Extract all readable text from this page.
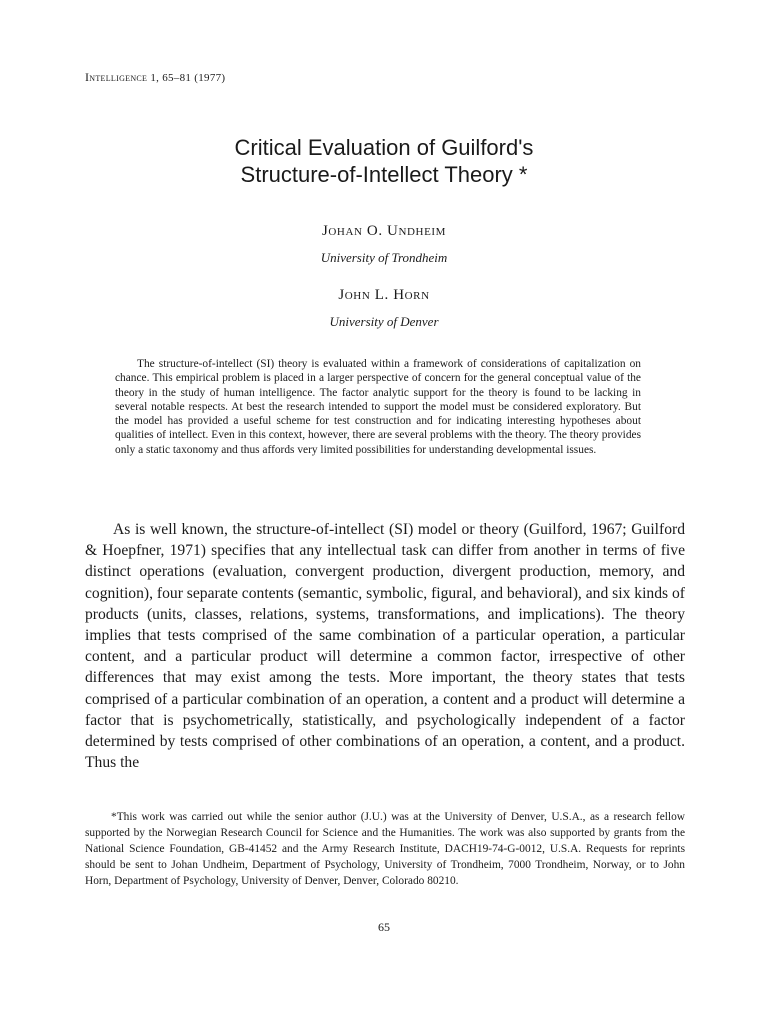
Intelligence 1, 65–81 (1977)
Critical Evaluation of Guilford's
Structure-of-Intellect Theory *
Johan O. Undheim
University of Trondheim
John L. Horn
University of Denver

The structure-of-intellect (SI) theory is evaluated within a framework of considerations of capitalization on chance. This empirical problem is placed in a larger perspective of concern for the general conceptual value of the theory in the study of human intelligence. The factor analytic support for the theory is found to be lacking in several notable respects. At best the research intended to support the model must be considered exploratory. But the model has provided a useful scheme for test construction and for indicating interesting hypotheses about qualities of intellect. Even in this context, however, there are several problems with the theory. The theory provides only a static taxonomy and thus affords very limited possibilities for understanding developmental issues.

As is well known, the structure-of-intellect (SI) model or theory (Guilford, 1967; Guilford & Hoepfner, 1971) specifies that any intellectual task can differ from another in terms of five distinct operations (evaluation, convergent production, divergent production, memory, and cognition), four separate contents (semantic, symbolic, figural, and behavioral), and six kinds of products (units, classes, relations, systems, transformations, and implications). The theory implies that tests comprised of the same combination of a particular operation, a particular content, and a particular product will determine a common factor, irrespective of other differences that may exist among the tests. More important, the theory states that tests comprised of a particular combination of an operation, a content and a product will determine a factor that is psychometrically, statistically, and psychologically independent of a factor determined by tests comprised of other combinations of an operation, a content, and a product. Thus the

*This work was carried out while the senior author (J.U.) was at the University of Denver, U.S.A., as a research fellow supported by the Norwegian Research Council for Science and the Humanities. The work was also supported by grants from the National Science Foundation, GB-41452 and the Army Research Institute, DACH19-74-G-0012, U.S.A. Requests for reprints should be sent to Johan Undheim, Department of Psychology, University of Trondheim, 7000 Trondheim, Norway, or to John Horn, Department of Psychology, University of Denver, Denver, Colorado 80210.

65
